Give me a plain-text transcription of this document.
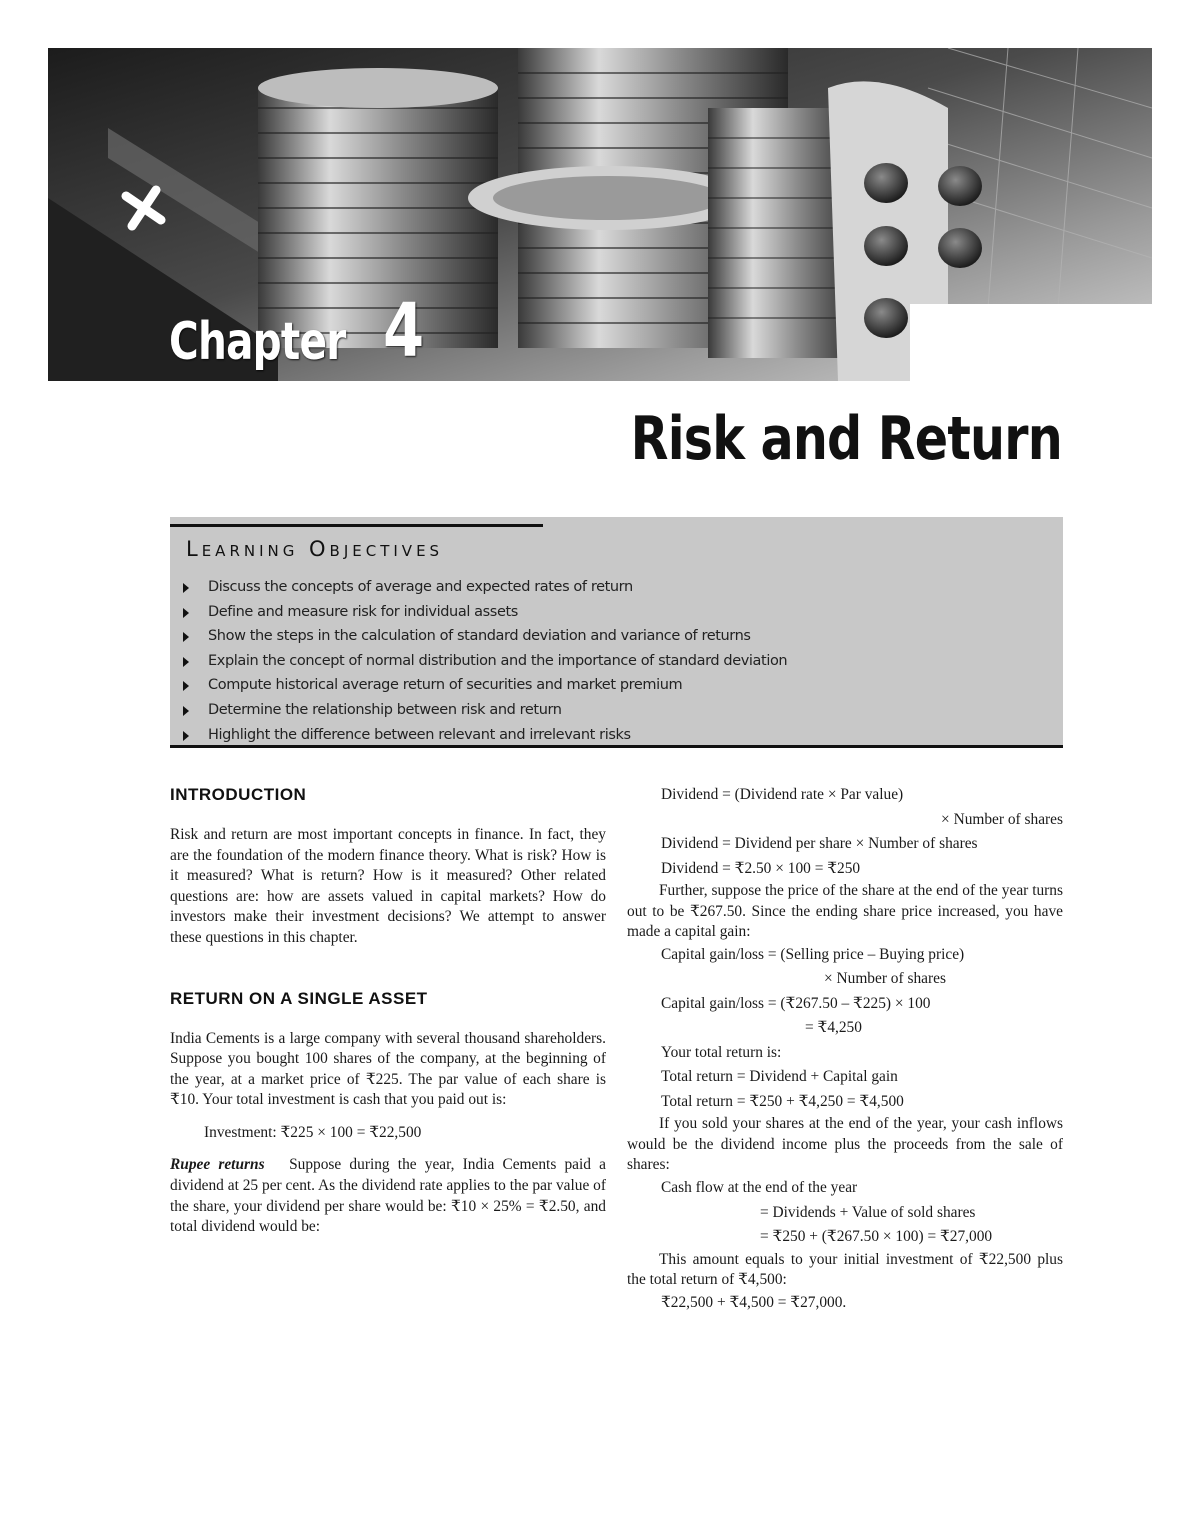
Chapter 4
Risk and Return
Learning Objectives
Discuss the concepts of average and expected rates of return
Define and measure risk for individual assets
Show the steps in the calculation of standard deviation and variance of returns
Explain the concept of normal distribution and the importance of standard deviation
Compute historical average return of securities and market premium
Determine the relationship between risk and return
Highlight the difference between relevant and irrelevant risks
INTRODUCTION

Risk and return are most important concepts in finance. In fact, they are the foundation of the modern finance theory. What is risk? How is it measured? What is return? How is it measured? Other related questions are: how are assets valued in capital markets? How do investors make their investment decisions? We attempt to answer these questions in this chapter.

RETURN ON A SINGLE ASSET

India Cements is a large company with several thousand shareholders. Suppose you bought 100 shares of the company, at the beginning of the year, at a market price of ₹225. The par value of each share is ₹10. Your total investment is cash that you paid out is:

Investment: ₹225 × 100 = ₹22,500

Rupee returns Suppose during the year, India Cements paid a dividend at 25 per cent. As the dividend rate applies to the par value of the share, your dividend per share would be: ₹10 × 25% = ₹2.50, and total dividend would be:

Dividend = (Dividend rate × Par value)
× Number of shares
Dividend = Dividend per share × Number of shares
Dividend = ₹2.50 × 100 = ₹250

Further, suppose the price of the share at the end of the year turns out to be ₹267.50. Since the ending share price increased, you have made a capital gain:

Capital gain/loss = (Selling price – Buying price)
× Number of shares
Capital gain/loss = (₹267.50 – ₹225) × 100
= ₹4,250
Your total return is:
Total return = Dividend + Capital gain
Total return = ₹250 + ₹4,250 = ₹4,500

If you sold your shares at the end of the year, your cash inflows would be the dividend income plus the proceeds from the sale of shares:

Cash flow at the end of the year
= Dividends + Value of sold shares
= ₹250 + (₹267.50 × 100) = ₹27,000

This amount equals to your initial investment of ₹22,500 plus the total return of ₹4,500:

₹22,500 + ₹4,500 = ₹27,000.
